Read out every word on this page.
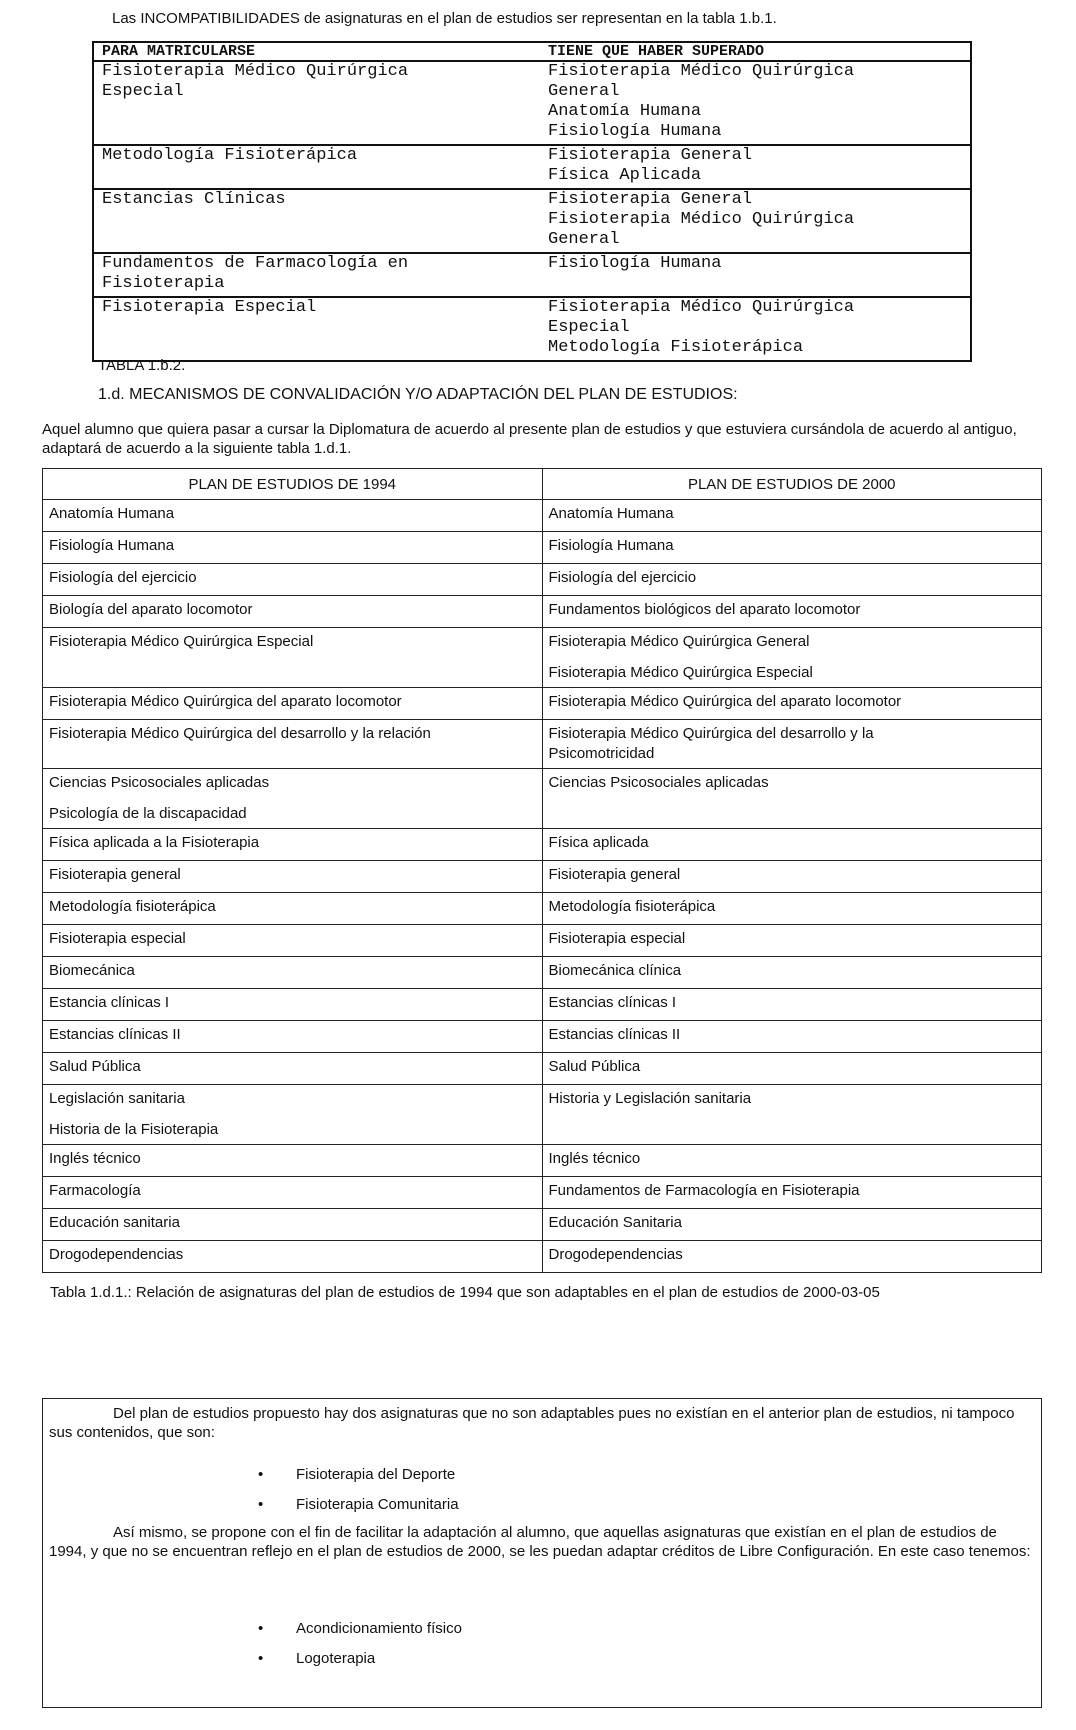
Las INCOMPATIBILIDADES de asignaturas en el plan de estudios ser representan en la tabla 1.b.1.
PARA MATRICULARSE	TIENE QUE HABER SUPERADO

Fisioterapia Médico Quirúrgica
Especial	Fisioterapia Médico Quirúrgica
General
Anatomía Humana
Fisiología Humana

Metodología Fisioterápica	Fisioterapia General
Física Aplicada

Estancias Clínicas	Fisioterapia General
Fisioterapia Médico Quirúrgica
General

Fundamentos de Farmacología en
Fisioterapia	Fisiología Humana

Fisioterapia Especial	Fisioterapia Médico Quirúrgica
Especial
Metodología Fisioterápica
TABLA 1.b.2.
1.d. MECANISMOS DE CONVALIDACIÓN Y/O ADAPTACIÓN DEL PLAN DE ESTUDIOS:
Aquel alumno que quiera pasar a cursar la Diplomatura de acuerdo al presente plan de estudios y que estuviera cursándola de acuerdo al antiguo, adaptará de acuerdo a la siguiente tabla 1.d.1.
PLAN DE ESTUDIOS DE 1994	PLAN DE ESTUDIOS DE 2000

Anatomía Humana	Anatomía Humana

Fisiología Humana	Fisiología Humana

Fisiología del ejercicio	Fisiología del ejercicio

Biología del aparato locomotor	Fundamentos biológicos del aparato locomotor

Fisioterapia Médico Quirúrgica Especial	Fisioterapia Médico Quirúrgica General
Fisioterapia Médico Quirúrgica Especial

Fisioterapia Médico Quirúrgica del aparato locomotor	Fisioterapia Médico Quirúrgica del aparato locomotor

Fisioterapia Médico Quirúrgica del desarrollo y la relación	Fisioterapia Médico Quirúrgica del desarrollo y la
Psicomotricidad

Ciencias Psicosociales aplicadas
Psicología de la discapacidad	Ciencias Psicosociales aplicadas

Física aplicada a la Fisioterapia	Física aplicada

Fisioterapia general	Fisioterapia general

Metodología fisioterápica	Metodología fisioterápica

Fisioterapia especial	Fisioterapia especial

Biomecánica	Biomecánica clínica

Estancia clínicas I	Estancias clínicas I

Estancias clínicas II	Estancias clínicas II

Salud Pública	Salud Pública

Legislación sanitaria
Historia de la Fisioterapia	Historia y Legislación sanitaria

Inglés técnico	Inglés técnico

Farmacología	Fundamentos de Farmacología en Fisioterapia

Educación sanitaria	Educación Sanitaria

Drogodependencias	Drogodependencias
Tabla 1.d.1.: Relación de asignaturas del plan de estudios de 1994 que son adaptables en el plan de estudios de 2000-03-05

Del plan de estudios propuesto hay dos asignaturas que no son adaptables pues no existían en el anterior plan de estudios, ni tampoco sus contenidos, que son:

Así mismo, se propone con el fin de facilitar la adaptación al alumno, que aquellas asignaturas que existían en el plan de estudios de 1994, y que no se encuentran reflejo en el plan de estudios de 2000, se les puedan adaptar créditos de Libre Configuración. En este caso tenemos:

• Fisioterapia del Deporte
• Fisioterapia Comunitaria
• Acondicionamiento físico
• Logoterapia
